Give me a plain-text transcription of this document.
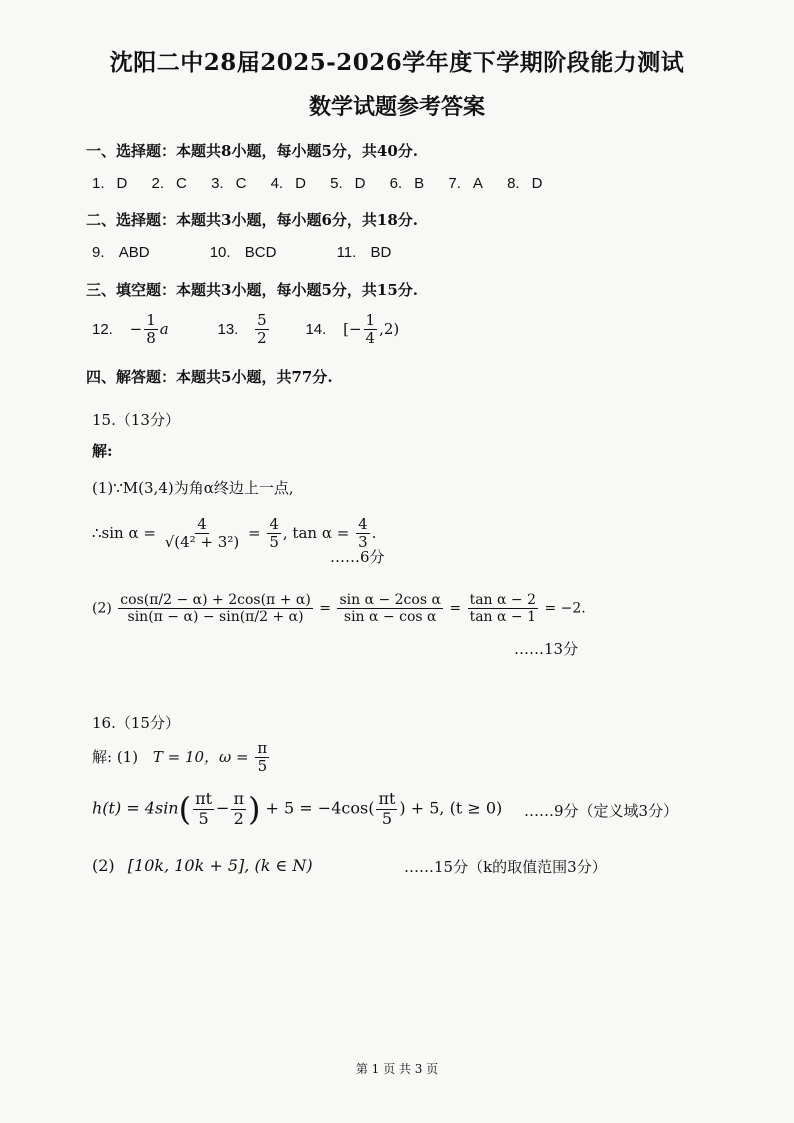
沈阳二中28届2025-2026学年度下学期阶段能力测试
数学试题参考答案
一、选择题：本题共8小题，每小题5分，共40分.
1. D 2. C 3. C 4. D 5. D 6. B 7. A 8. D
二、选择题：本题共3小题，每小题6分，共18分.
9. ABD	10. BCD	11. BD
三、填空题：本题共3小题，每小题5分，共15分.
12. − $\frac{1}{8}$ a	13. $\frac{5}{2} 14$. [− $\frac{1}{4} ,2$)
四、解答题：本题共5小题，共77分.
15.（13分）
解:
(1)∵M(3,4)为角α终边上一点,
∴sin $\alpha = \frac{4}{\text{√(4² + 3²)}} = \frac{4}{5}$ , $\tan \alpha = \frac{4}{3}$ .
……6分
$(2) \frac{\cos(\pi/2 - \alpha) + 2\cos(\pi + \alpha)}{\sin(\pi - \alpha) - \sin(\pi/2 + \alpha)} = \frac{\text{sin α − 2cos α}}{\text{sin α − cos α}} = \frac{\text{tan α − 2}}{\text{tan α − 1}} = -2$.
……13分
16.（15分）
解: (1) T = 10，$\omega = \frac{\pi}{5}$
$h(t) = 4\sin( \frac{\pi t}{5} - \frac{\pi}{2}$ ) + $5 = -4\cos( \frac{\pi t}{5}$ ) + 5, (t ≥ 0) ……9分（定义域3分）
(2) [10k, 10k + 5], (k ∈ N)	……15分（k的取值范围3分）
第 1 页 共 3 页
